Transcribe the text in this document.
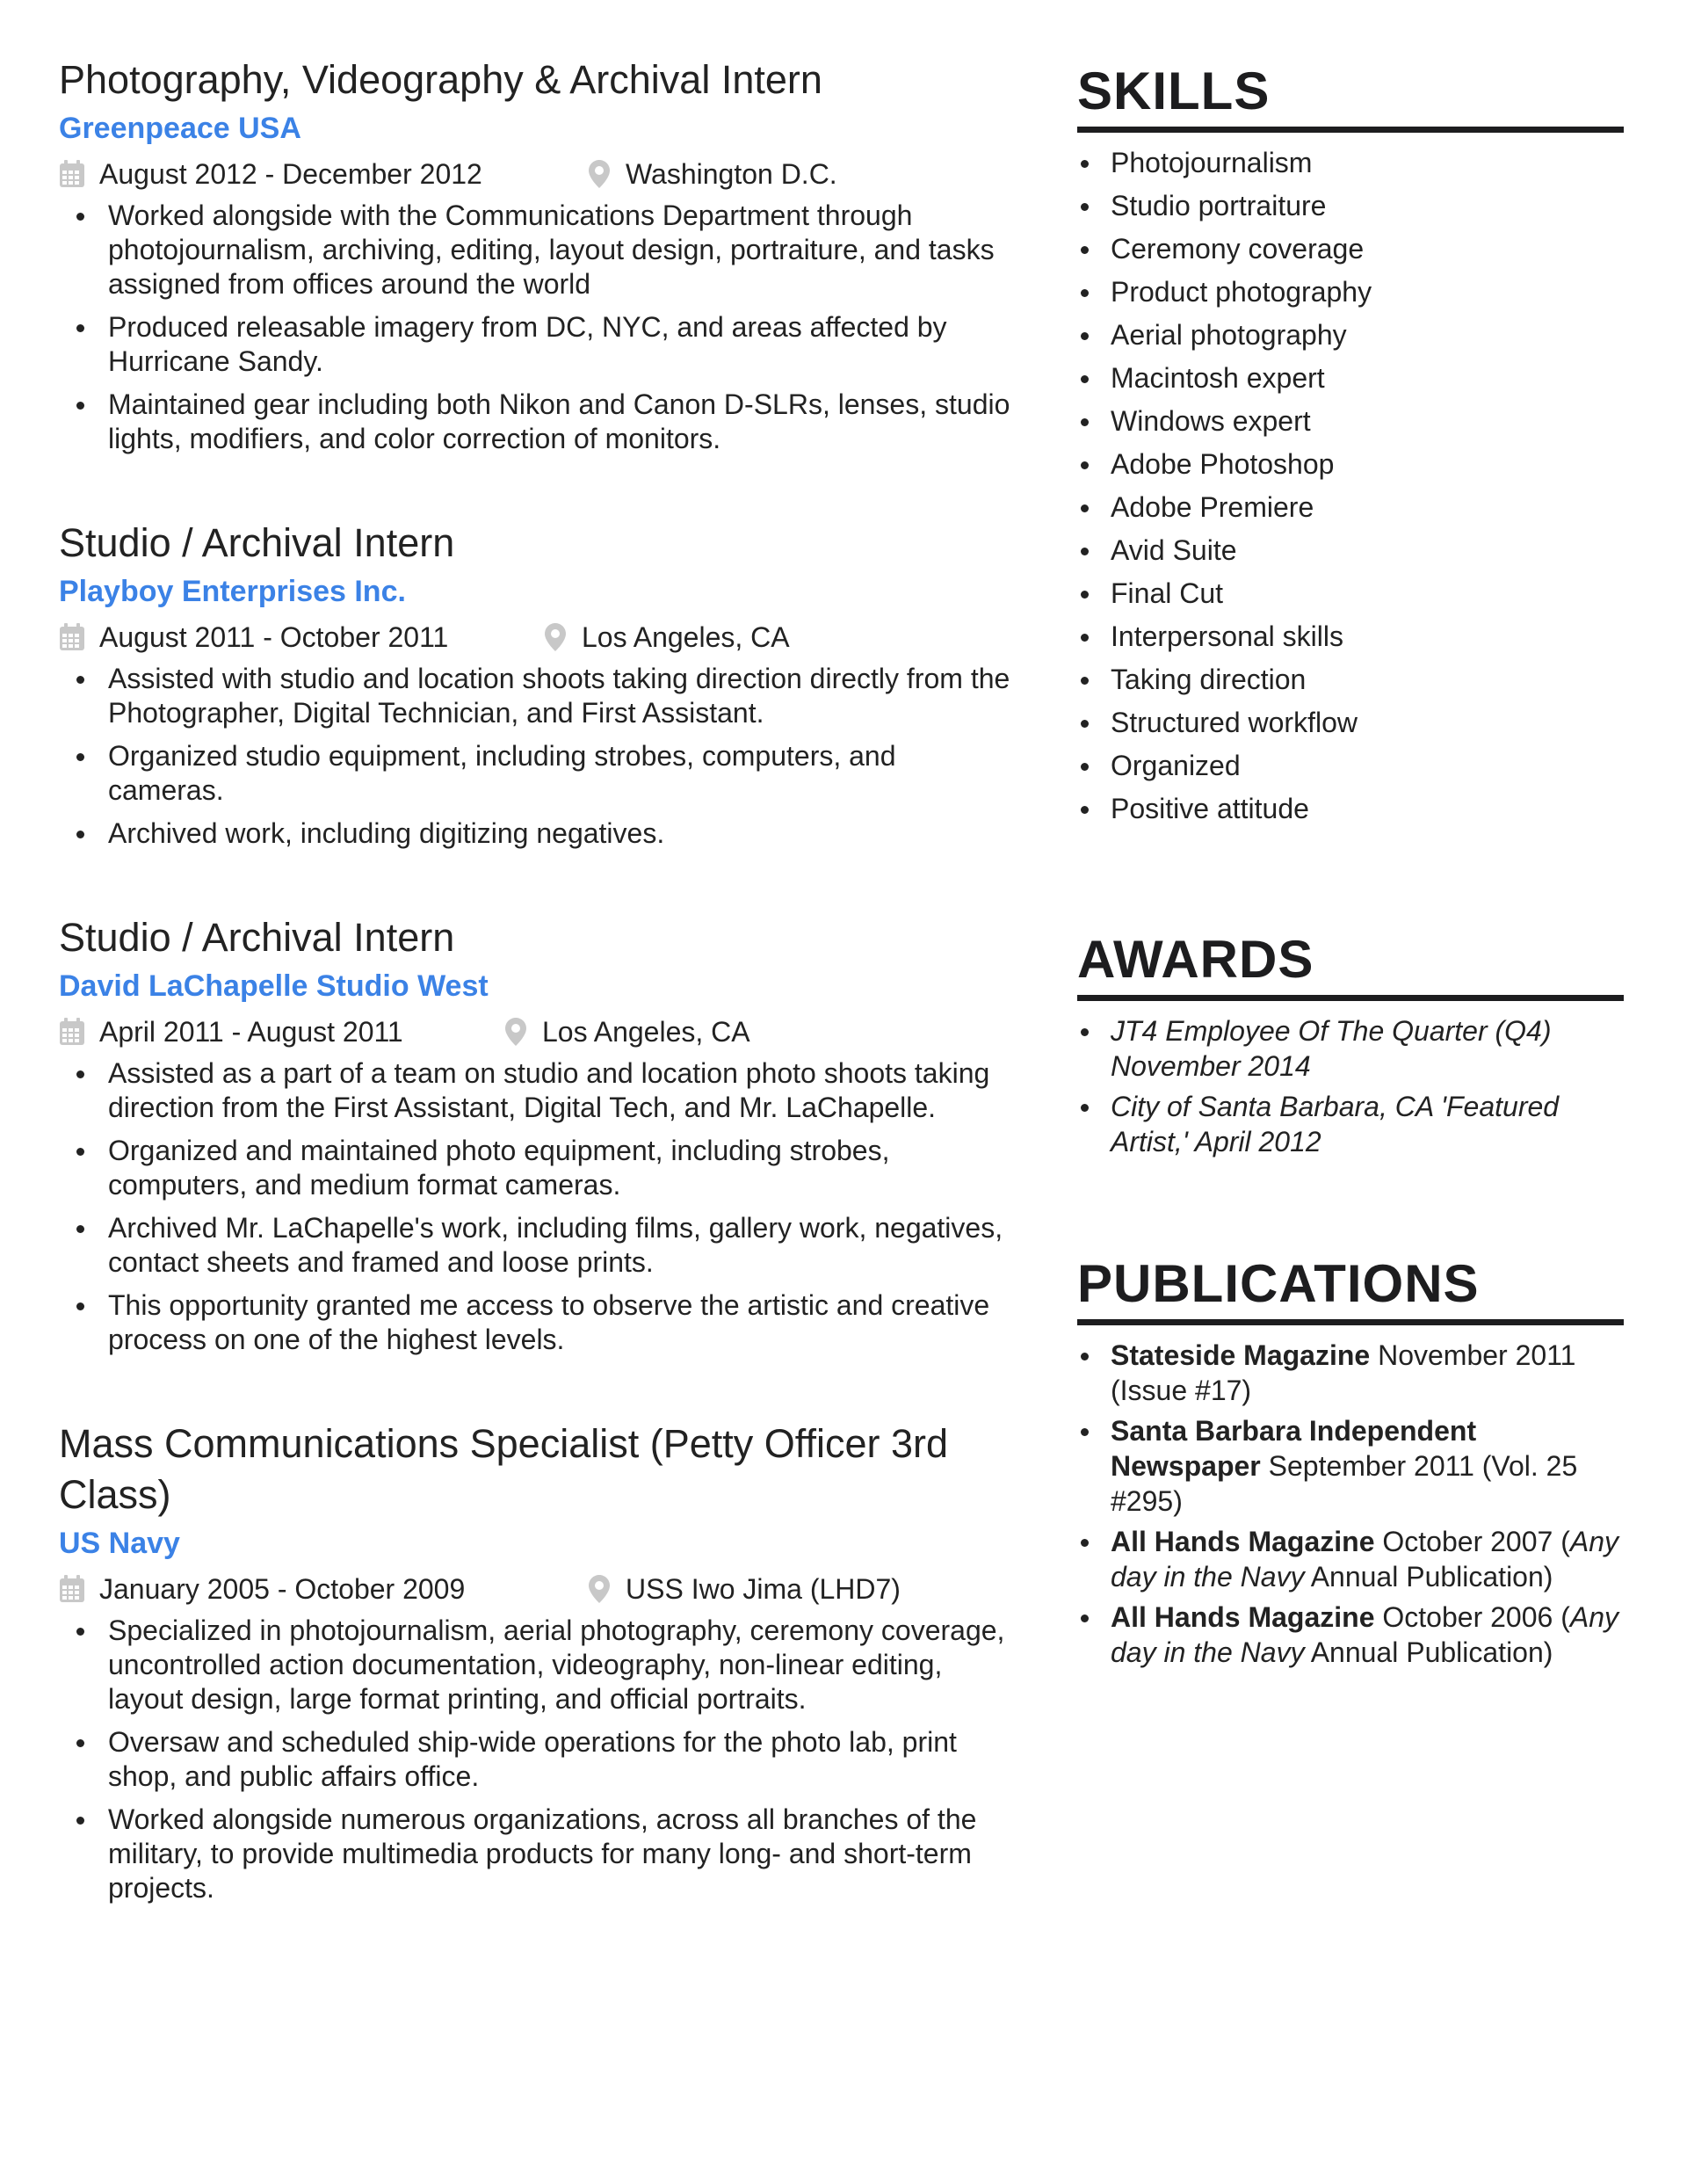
Photography, Videography & Archival Intern
Greenpeace USA
August 2012 - December 2012	Washington D.C.
Worked alongside with the Communications Department through photojournalism, archiving, editing, layout design, portraiture, and tasks assigned from offices around the world
Produced releasable imagery from DC, NYC, and areas affected by Hurricane Sandy.
Maintained gear including both Nikon and Canon D-SLRs, lenses, studio lights, modifiers, and color correction of monitors.
Studio / Archival Intern
Playboy Enterprises Inc.
August 2011 - October 2011	Los Angeles, CA
Assisted with studio and location shoots taking direction directly from the Photographer, Digital Technician, and First Assistant.
Organized studio equipment, including strobes, computers, and cameras.
Archived work, including digitizing negatives.
Studio / Archival Intern
David LaChapelle Studio West
April 2011 - August 2011	Los Angeles, CA
Assisted as a part of a team on studio and location photo shoots taking direction from the First Assistant, Digital Tech, and Mr. LaChapelle.
Organized and maintained photo equipment, including strobes, computers, and medium format cameras.
Archived Mr. LaChapelle's work, including films, gallery work, negatives, contact sheets and framed and loose prints.
This opportunity granted me access to observe the artistic and creative process on one of the highest levels.
Mass Communications Specialist (Petty Officer 3rd Class)
US Navy
January 2005 - October 2009	USS Iwo Jima (LHD7)
Specialized in photojournalism, aerial photography, ceremony coverage, uncontrolled action documentation, videography, non-linear editing, layout design, large format printing, and official portraits.
Oversaw and scheduled ship-wide operations for the photo lab, print shop, and public affairs office.
Worked alongside numerous organizations, across all branches of the military, to provide multimedia products for many long- and short-term projects.
SKILLS
Photojournalism
Studio portraiture
Ceremony coverage
Product photography
Aerial photography
Macintosh expert
Windows expert
Adobe Photoshop
Adobe Premiere
Avid Suite
Final Cut
Interpersonal skills
Taking direction
Structured workflow
Organized
Positive attitude
AWARDS
JT4 Employee Of The Quarter (Q4) November 2014
City of Santa Barbara, CA 'Featured Artist,' April 2012
PUBLICATIONS
Stateside Magazine November 2011 (Issue #17)
Santa Barbara Independent Newspaper September 2011 (Vol. 25 #295)
All Hands Magazine October 2007 (Any day in the Navy Annual Publication)
All Hands Magazine October 2006 (Any day in the Navy Annual Publication)
